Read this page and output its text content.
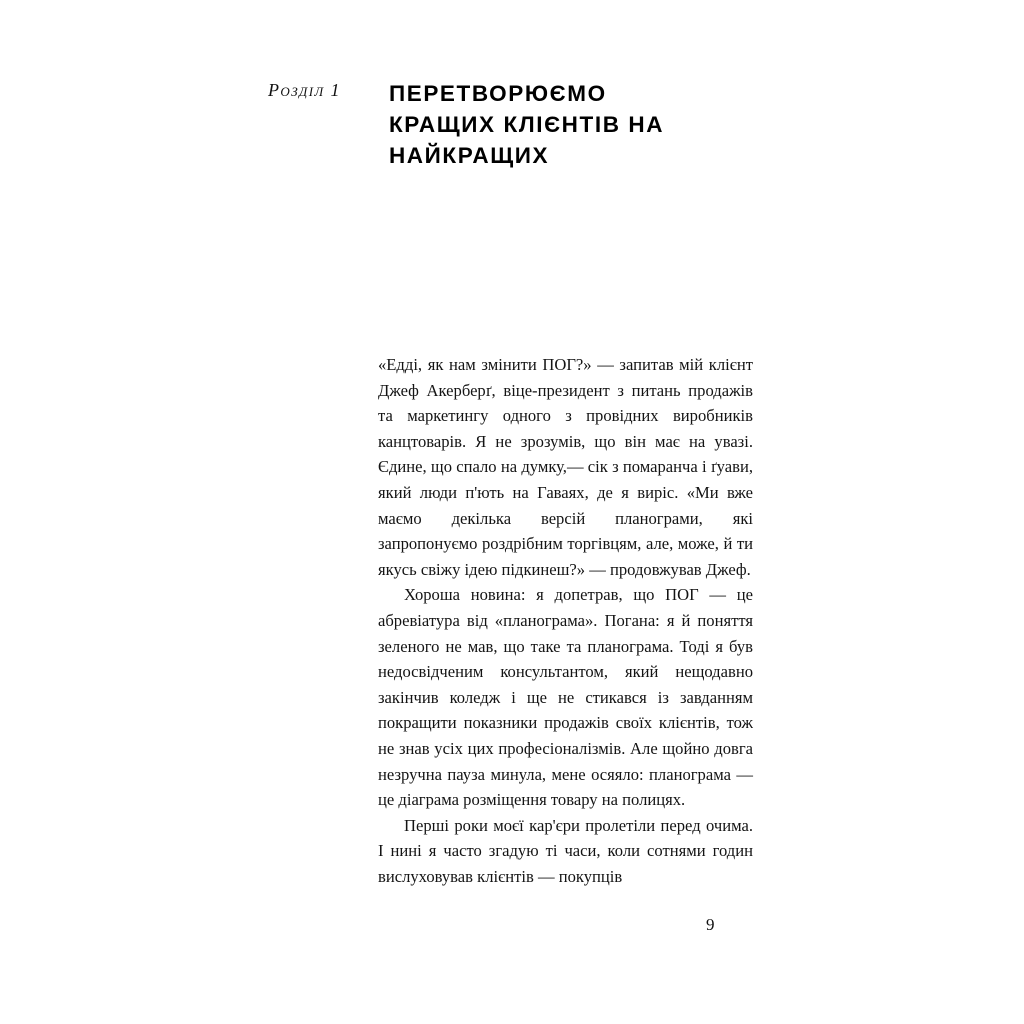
Розділ 1 ПЕРЕТВОРЮЄМО КРАЩИХ КЛІЄНТІВ НА НАЙКРАЩИХ

«Едді, як нам змінити ПОГ?» — запитав мій клієнт Джеф Акерберґ, віце-президент з питань продажів та маркетингу одного з провідних виробників канцтоварів. Я не зрозумів, що він має на увазі. Єдине, що спало на думку,— сік з помаранча і ґуави, який люди п'ють на Гаваях, де я виріс. «Ми вже маємо декілька версій планограми, які запропонуємо роздрібним торгівцям, але, може, й ти якусь свіжу ідею підкинеш?» — продовжував Джеф.

Хороша новина: я допетрав, що ПОГ — це абревіатура від «планограма». Погана: я й поняття зеленого не мав, що таке та планограма. Тоді я був недосвідченим консультантом, який нещодавно закінчив коледж і ще не стикався із завданням покращити показники продажів своїх клієнтів, тож не знав усіх цих професіоналізмів. Але щойно довга незручна пауза минула, мене осяяло: планограма — це діаграма розміщення товару на полицях.

Перші роки моєї кар'єри пролетіли перед очима. І нині я часто згадую ті часи, коли сотнями годин вислуховував клієнтів — покупців

9
